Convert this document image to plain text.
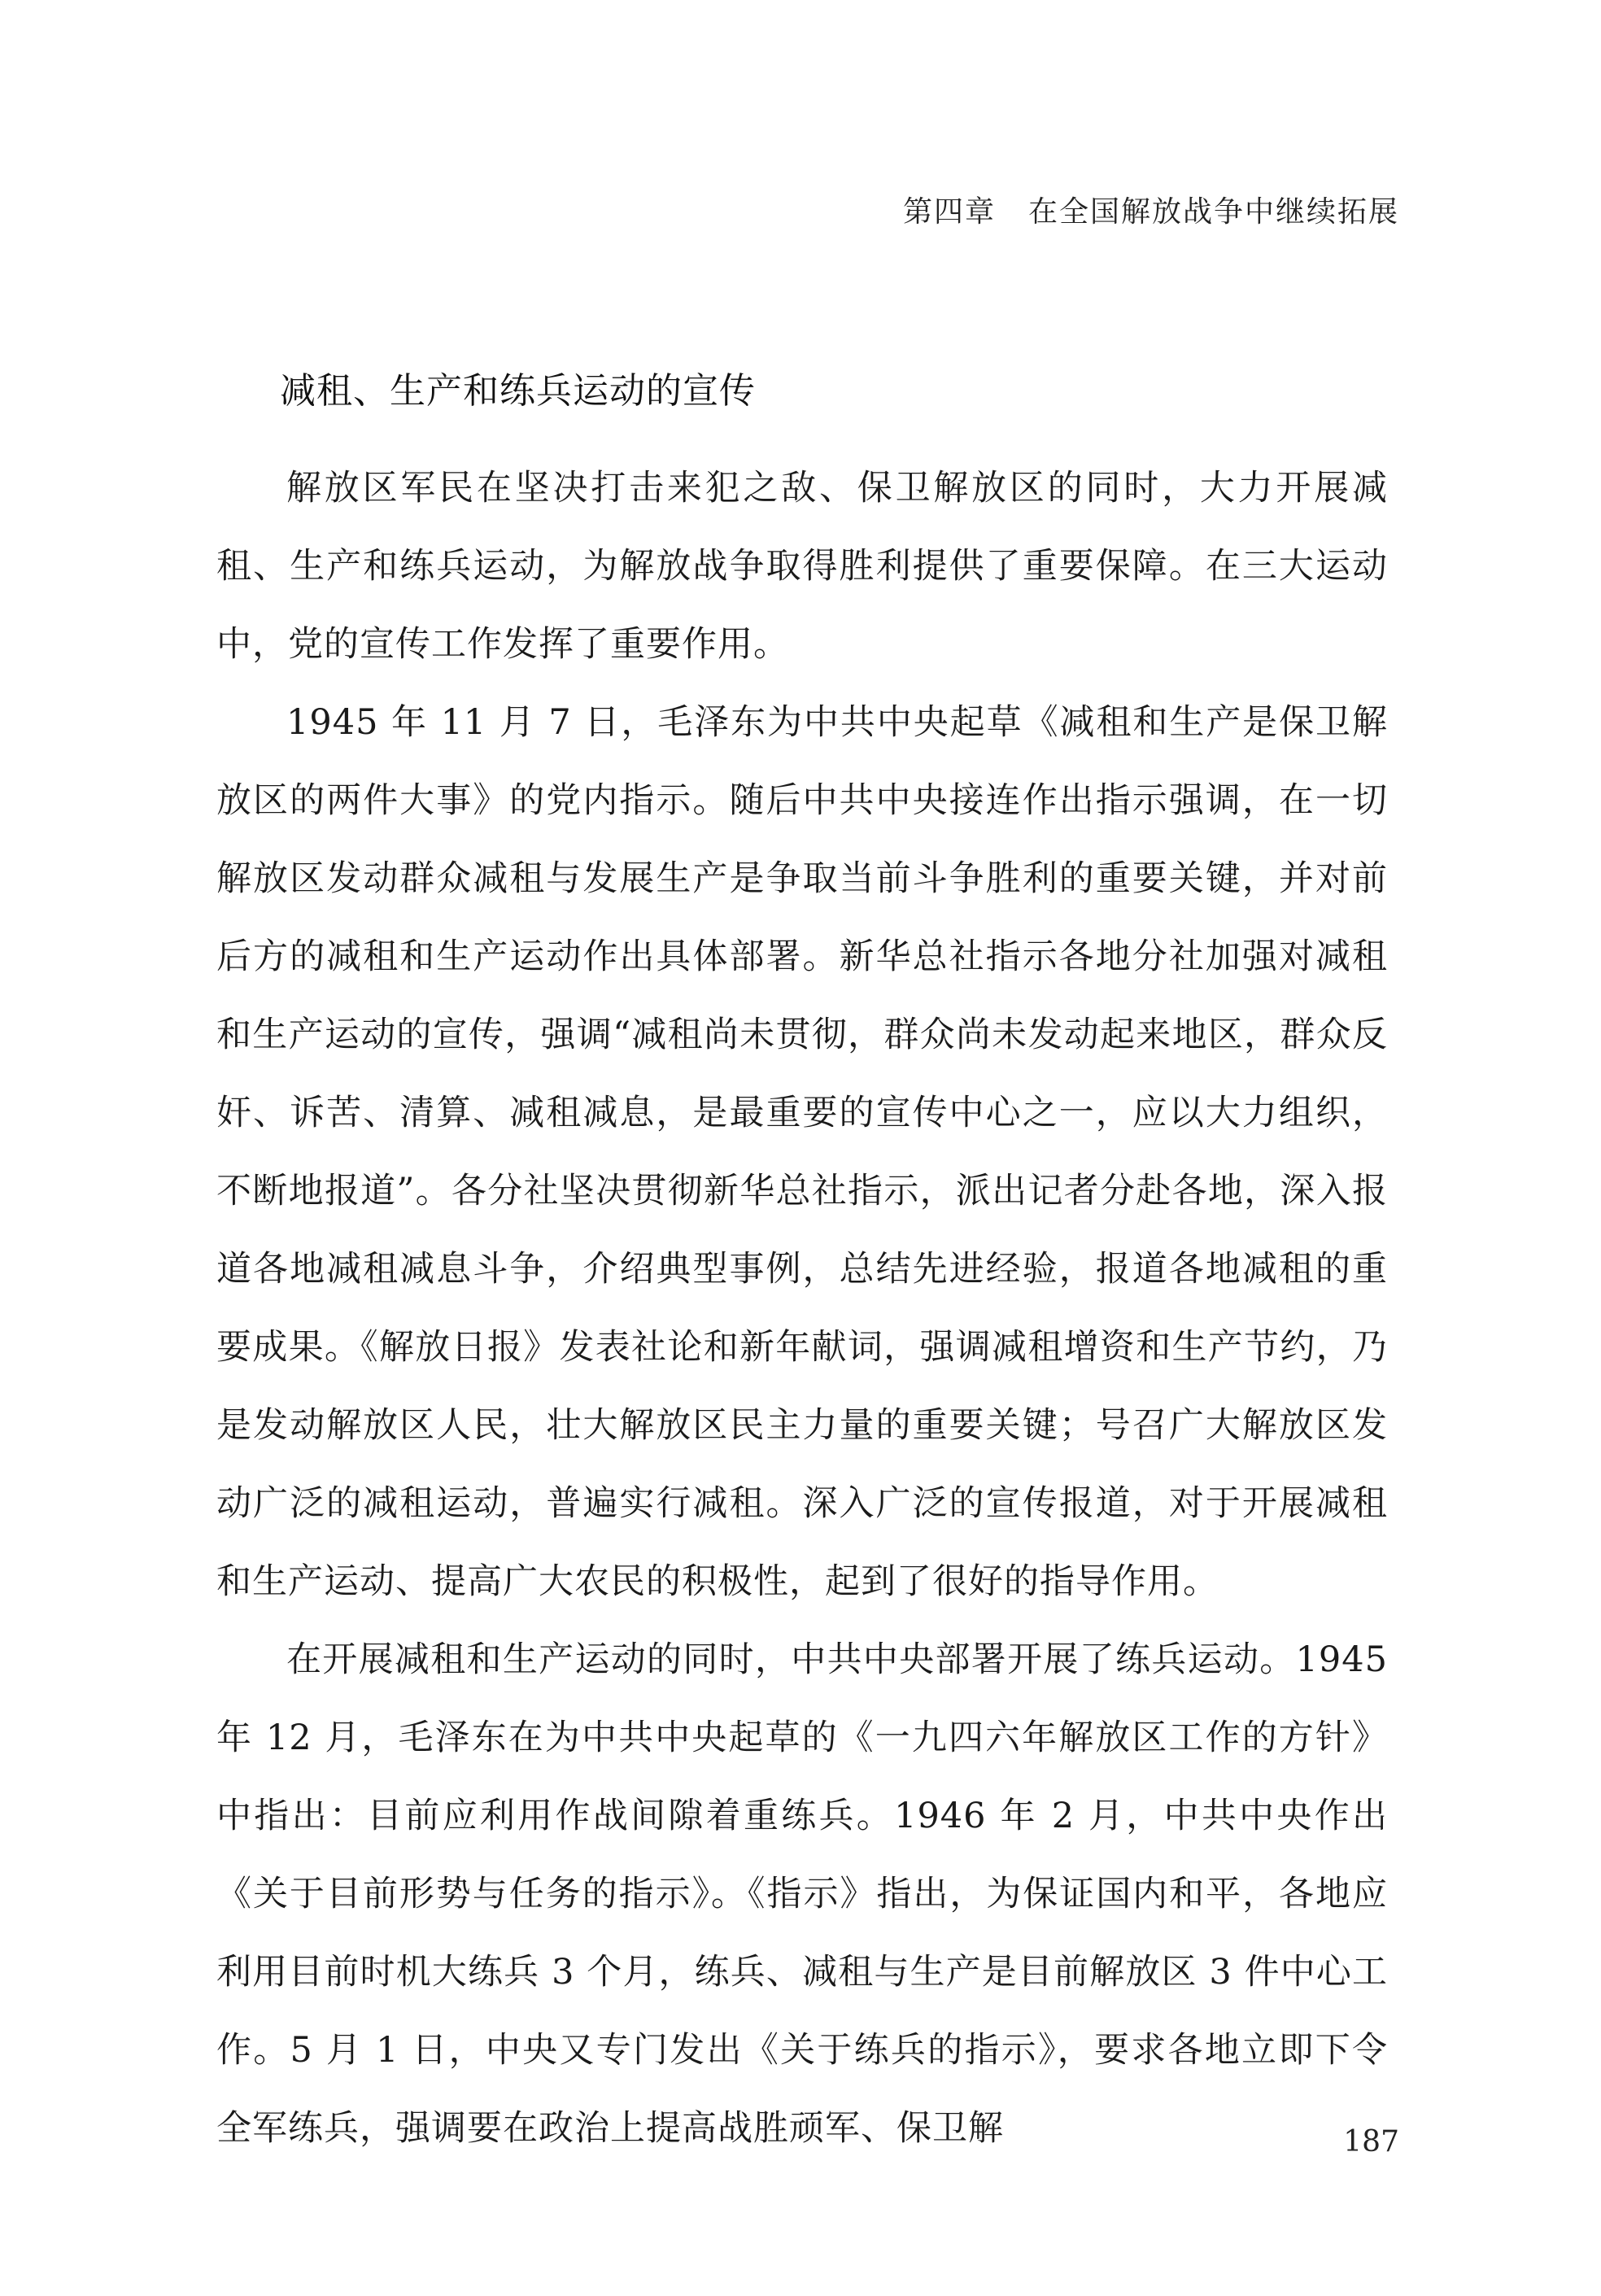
第四章 在全国解放战争中继续拓展
减租、生产和练兵运动的宣传

解放区军民在坚决打击来犯之敌、保卫解放区的同时，大力开展减租、生产和练兵运动，为解放战争取得胜利提供了重要保障。在三大运动中，党的宣传工作发挥了重要作用。

1945 年 11 月 7 日，毛泽东为中共中央起草《减租和生产是保卫解放区的两件大事》的党内指示。随后中共中央接连作出指示强调，在一切解放区发动群众减租与发展生产是争取当前斗争胜利的重要关键，并对前后方的减租和生产运动作出具体部署。新华总社指示各地分社加强对减租和生产运动的宣传，强调“减租尚未贯彻，群众尚未发动起来地区，群众反奸、诉苦、清算、减租减息，是最重要的宣传中心之一，应以大力组织，不断地报道”。各分社坚决贯彻新华总社指示，派出记者分赴各地，深入报道各地减租减息斗争，介绍典型事例，总结先进经验，报道各地减租的重要成果。《解放日报》发表社论和新年献词，强调减租增资和生产节约，乃是发动解放区人民，壮大解放区民主力量的重要关键；号召广大解放区发动广泛的减租运动，普遍实行减租。深入广泛的宣传报道，对于开展减租和生产运动、提高广大农民的积极性，起到了很好的指导作用。

在开展减租和生产运动的同时，中共中央部署开展了练兵运动。1945 年 12 月，毛泽东在为中共中央起草的《一九四六年解放区工作的方针》中指出：目前应利用作战间隙着重练兵。1946 年 2 月，中共中央作出《关于目前形势与任务的指示》。《指示》指出，为保证国内和平，各地应利用目前时机大练兵 3 个月，练兵、减租与生产是目前解放区 3 件中心工作。5 月 1 日，中央又专门发出《关于练兵的指示》，要求各地立即下令全军练兵，强调要在政治上提高战胜顽军、保卫解	187
